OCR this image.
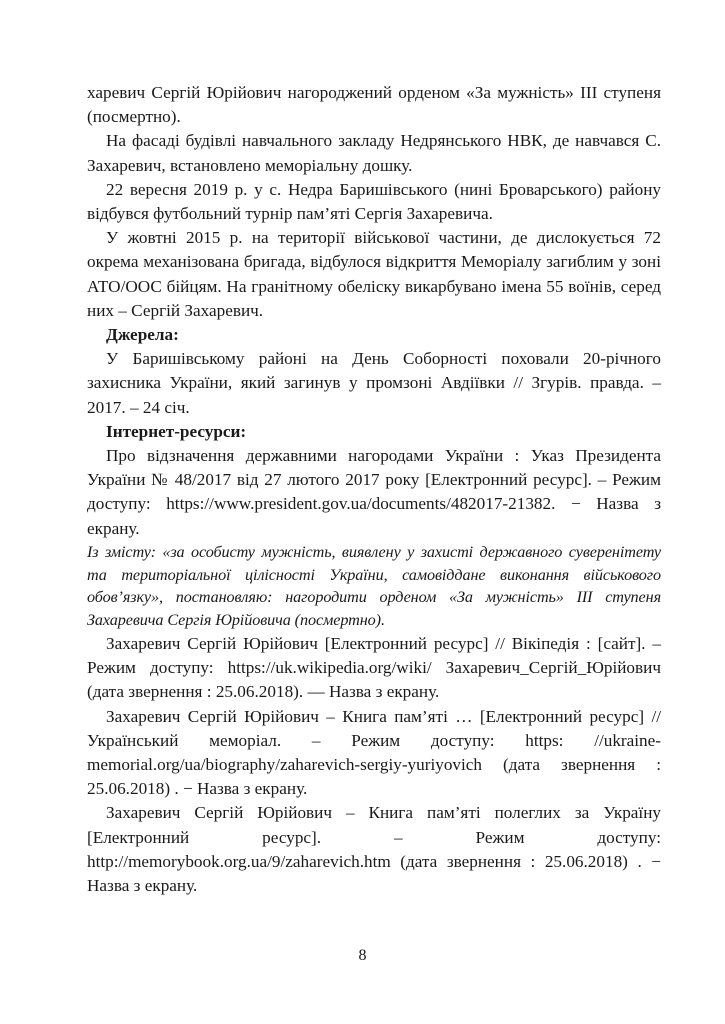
харевич Сергій Юрійович нагороджений орденом «За мужність» ІІІ ступеня (посмертно).

На фасаді будівлі навчального закладу Недрянського НВК, де навчався С. Захаревич, встановлено меморіальну дошку.

22 вересня 2019 р. у с. Недра Баришівського (нині Броварського) району відбувся футбольний турнір пам’яті Сергія Захаревича.

У жовтні 2015 р. на території військової частини, де дислокується 72 окрема механізована бригада, відбулося відкриття Меморіалу загиблим у зоні АТО/ООС бійцям. На гранітному обеліску викарбувано імена 55 воїнів, серед них – Сергій Захаревич.

Джерела:

У Баришівському районі на День Соборності поховали 20-річного захисника України, який загинув у промзоні Авдіївки // Згурів. правда. – 2017. – 24 січ.

Інтернет-ресурси:

Про відзначення державними нагородами України : Указ Президента України № 48/2017 від 27 лютого 2017 року [Електронний ресурс]. – Режим доступу: https://www.president.gov.ua/documents/482017-21382. − Назва з екрану.

Із змісту: «за особисту мужність, виявлену у захисті державного суверенітету та територіальної цілісності України, самовіддане виконання військового обов’язку», постановляю: нагородити орденом «За мужність» III ступеня Захаревича Сергія Юрійовича (посмертно).

Захаревич Сергій Юрійович [Електронний ресурс] // Вікіпедія : [сайт]. – Режим доступу: https://uk.wikipedia.org/wiki/ Захаревич_Сергій_Юрійович (дата звернення : 25.06.2018). — Назва з екрану.

Захаревич Сергій Юрійович – Книга пам’яті … [Електронний ресурс] // Український меморіал. – Режим доступу: https: //ukraine-memorial.org/ua/biography/zaharevich-sergiy-yuriyovich (дата звернення : 25.06.2018) . − Назва з екрану.

Захаревич Сергій Юрійович – Книга пам’яті полеглих за Україну [Електронний ресурс]. – Режим доступу: http://memorybook.org.ua/9/zaharevich.htm (дата звернення : 25.06.2018) . − Назва з екрану.

8
